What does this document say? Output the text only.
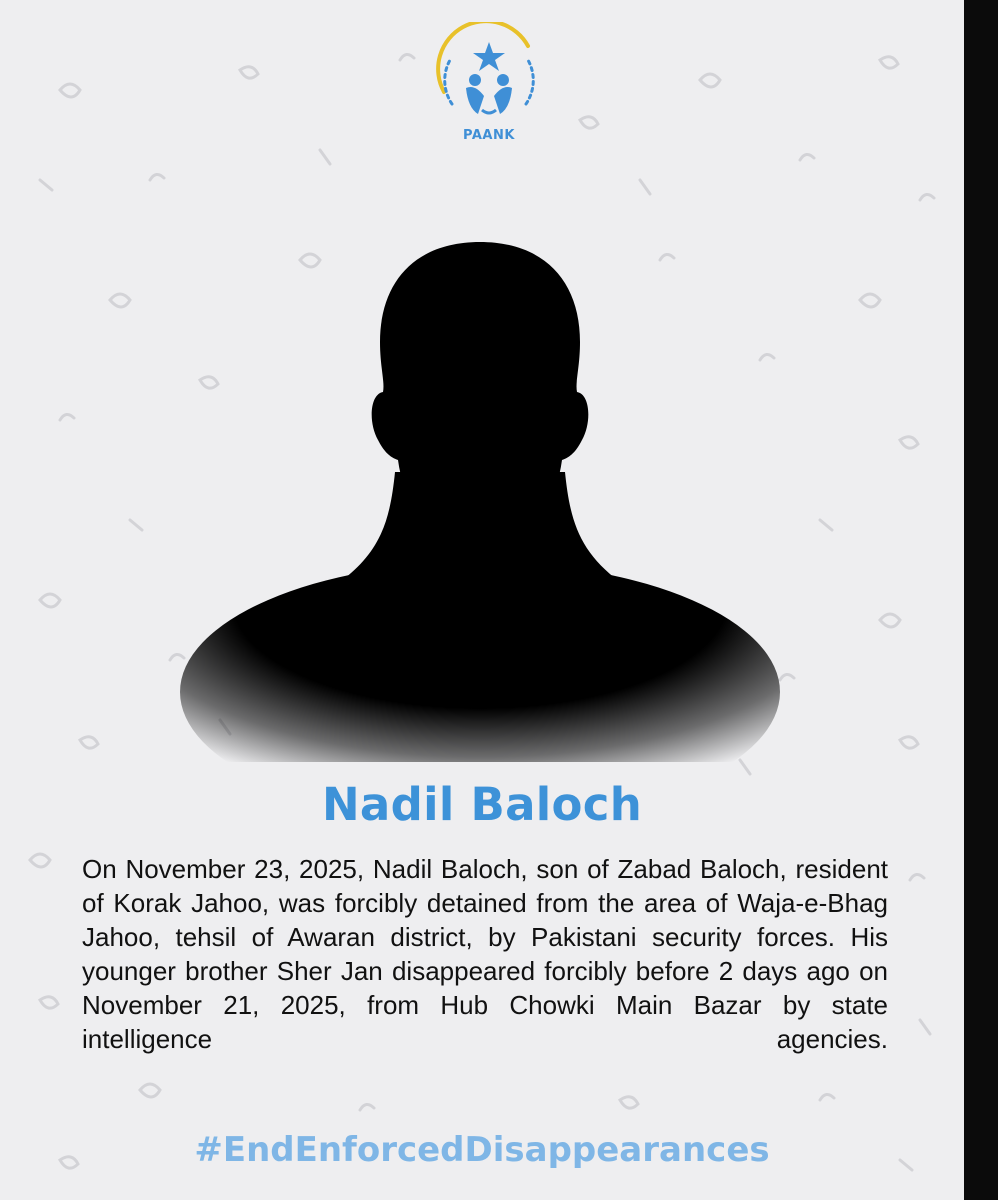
PAANK
Nadil Baloch
On November 23, 2025, Nadil Baloch, son of Zabad Baloch, resident of Korak Jahoo, was forcibly detained from the area of Waja-e-Bhag Jahoo, tehsil of Awaran district, by Pakistani security forces. His younger brother Sher Jan disappeared forcibly before 2 days ago on November 21, 2025, from Hub Chowki Main Bazar by state intelligence agencies.
#EndEnforcedDisappearances
